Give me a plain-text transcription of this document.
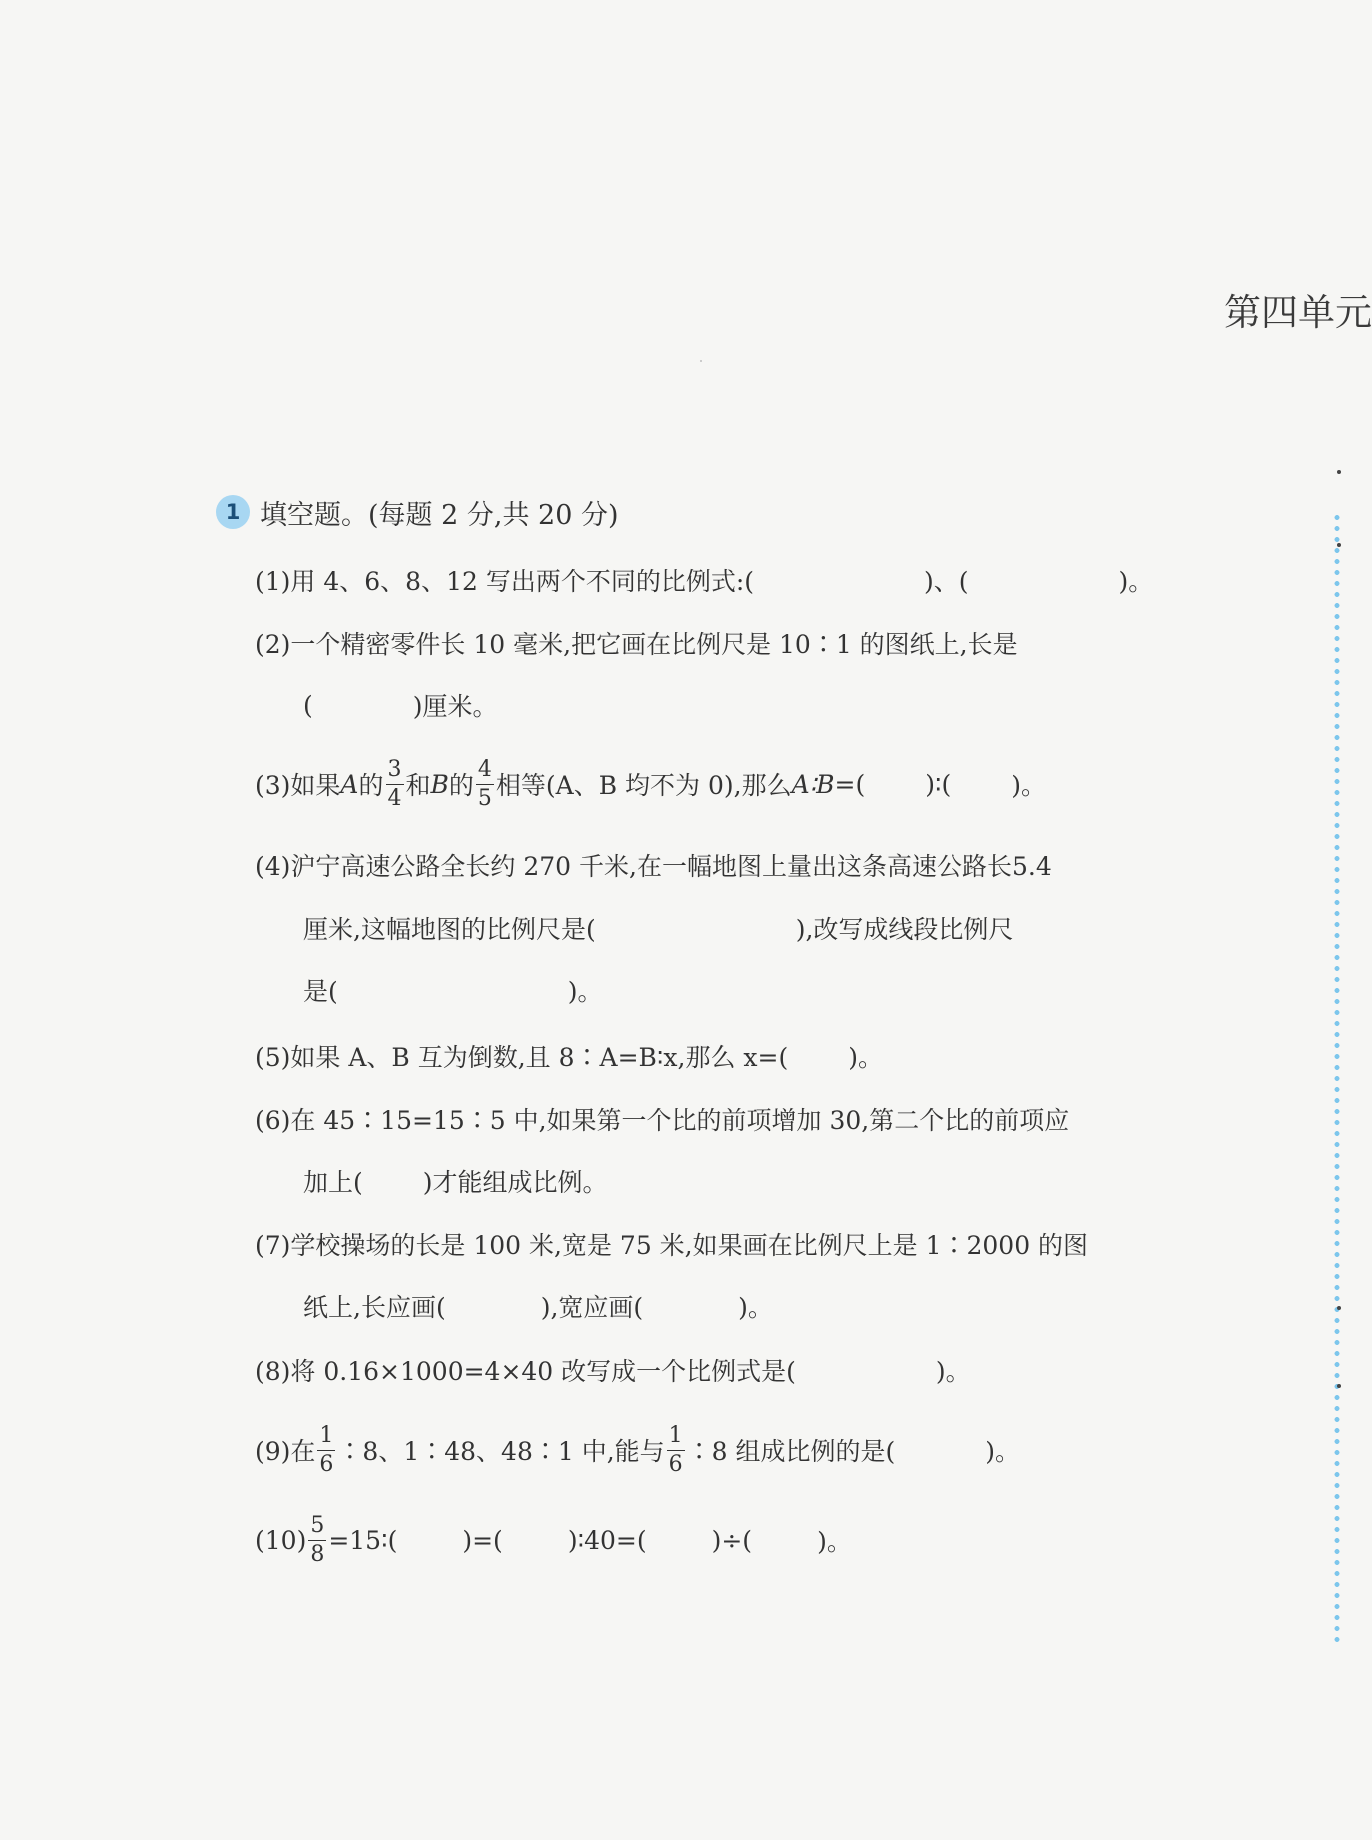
第四单元
1 填空题。(每题 2 分,共 20 分)
(1)用 4、6、8、12 写出两个不同的比例式:(	)、(	)。
(2)一个精密零件长 10 毫米,把它画在比例尺是 10∶1 的图纸上,长是
(	)厘米。
(3)如果 A 的 $\frac{3}{4}$ 和 B 的 $\frac{4}{5}$ 相等(A、B 均不为 0),那么 A∶B =( )∶( )。
(4)沪宁高速公路全长约 270 千米,在一幅地图上量出这条高速公路长5.4
厘米,这幅地图的比例尺是(	),改写成线段比例尺
是(	)。
(5)如果 A、B 互为倒数,且 8∶A=B∶x,那么 x=( )。
(6)在 45∶15=15∶5 中,如果第一个比的前项增加 30,第二个比的前项应
加上( )才能组成比例。
(7)学校操场的长是 100 米,宽是 75 米,如果画在比例尺上是 1∶2000 的图
纸上,长应画(	),宽应画(	)。
(8)将 0.16×1000=4×40 改写成一个比例式是(	)。
(9)在 $\frac{1}{6}$ ∶8、1∶48、48∶1 中,能与 $\frac{1}{6}$ ∶8 组成比例的是(	)。
$(10) \frac{5}{8}$ =15∶(	)=(	)∶40=(	)÷(	)。
